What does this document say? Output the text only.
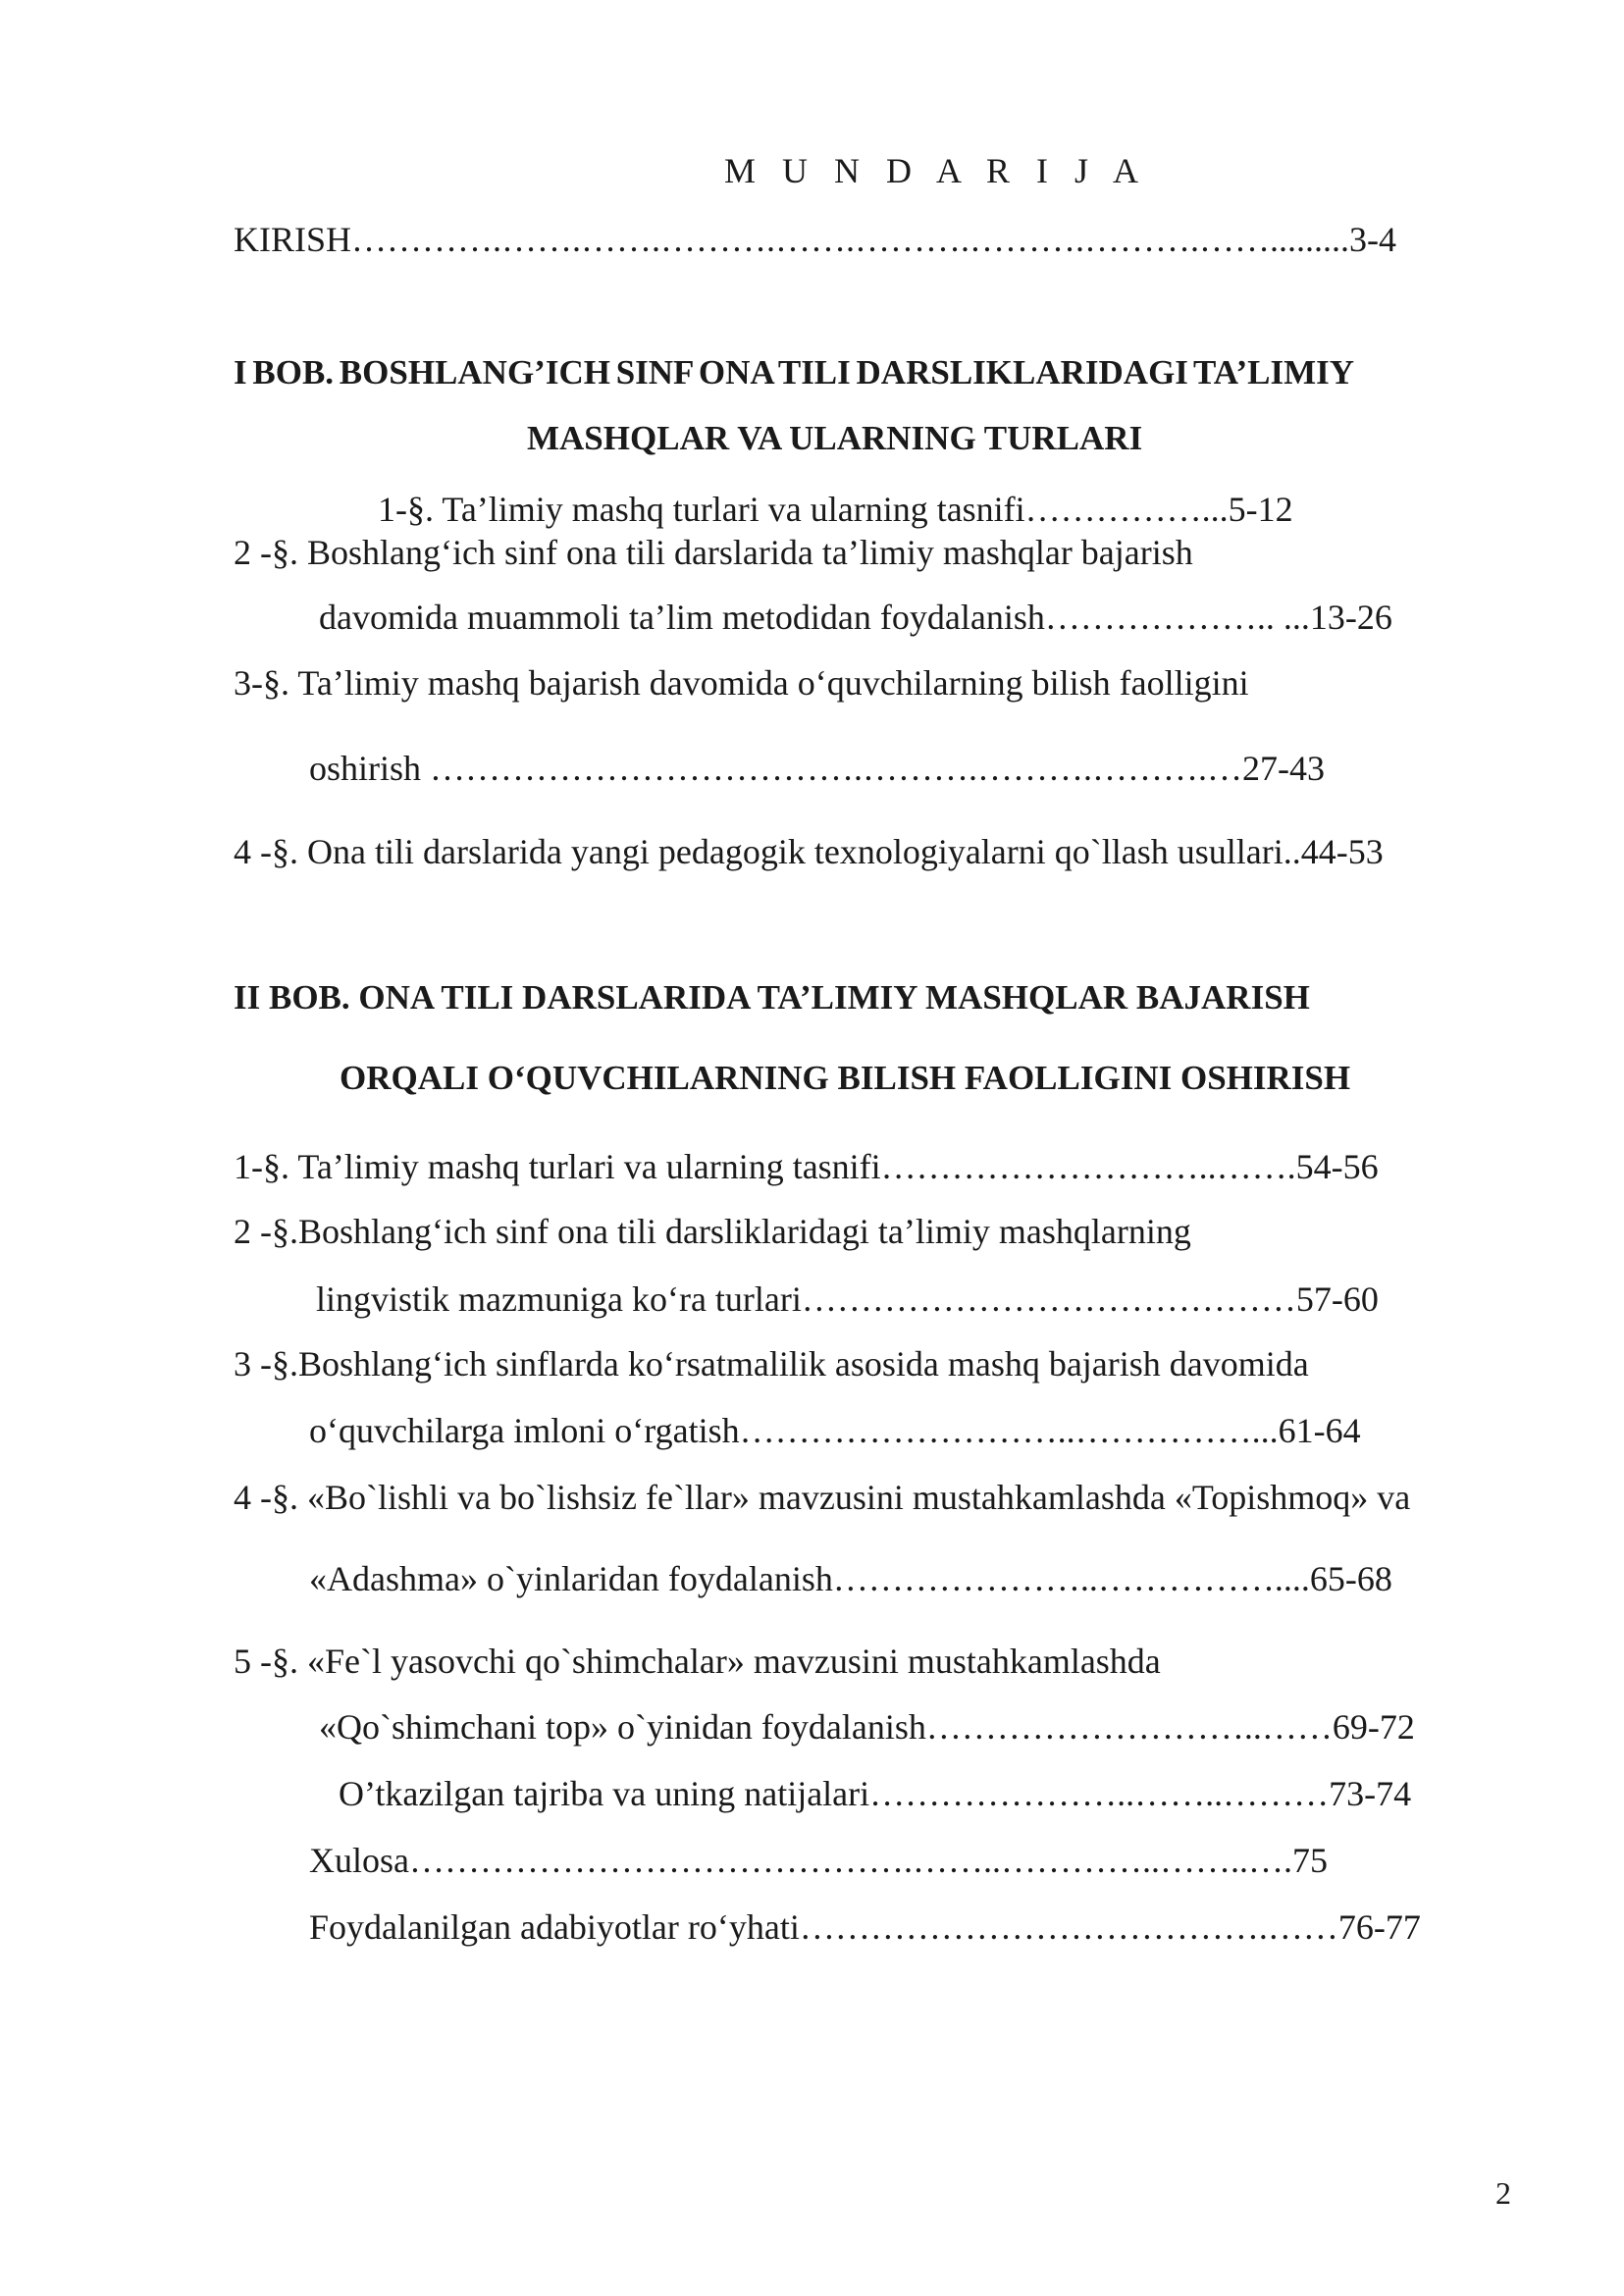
M U N D A R I J A
KIRISH………….…….…….……….…….……….……….……….…….........3-4
I BOB. BOSHLANG’ICH SINF ONA TILI DARSLIKLARIDAGI TA’LIMIY
MASHQLAR VA ULARNING TURLARI
1-§. Ta’limiy mashq turlari va ularning tasnifi……………...5-12
2 -§. Boshlang‘ich sinf ona tili darslarida ta’limiy mashqlar bajarish
davomida muammoli ta’lim metodidan foydalanish……………….. ...13-26
3-§. Ta’limiy mashq bajarish davomida o‘quvchilarning bilish faolligini
oshirish ……………………………….……….……….……….…27-43
4 -§. Ona tili darslarida yangi pedagogik texnologiyalarni qo`llash usullari..44-53
II BOB. ONA TILI DARSLARIDA TA’LIMIY MASHQLAR BAJARISH
ORQALI O‘QUVCHILARNING BILISH FAOLLIGINI OSHIRISH
1-§. Ta’limiy mashq turlari va ularning tasnifi………………………..…….54-56
2 -§.Boshlang‘ich sinf ona tili darsliklaridagi ta’limiy mashqlarning
lingvistik mazmuniga ko‘ra turlari……………………………………57-60
3 -§.Boshlang‘ich sinflarda ko‘rsatmalilik asosida mashq bajarish davomida
o‘quvchilarga imloni o‘rgatish………………………..……………...61-64
4 -§. «Bo`lishli va bo`lishsiz fe`llar» mavzusini mustahkamlashda «Topishmoq» va
«Adashma» o`yinlaridan foydalanish…………………..……………....65-68
5 -§. «Fe`l yasovchi qo`shimchalar» mavzusini mustahkamlashda
«Qo`shimchani top» o`yinidan foydalanish………………………..……69-72
O’tkazilgan tajriba va uning natijalari…………………..……..………73-74
Xulosa…………………………………….……..…………..……..….75
Foydalanilgan adabiyotlar ro‘yhati………………………………….……76-77
2
